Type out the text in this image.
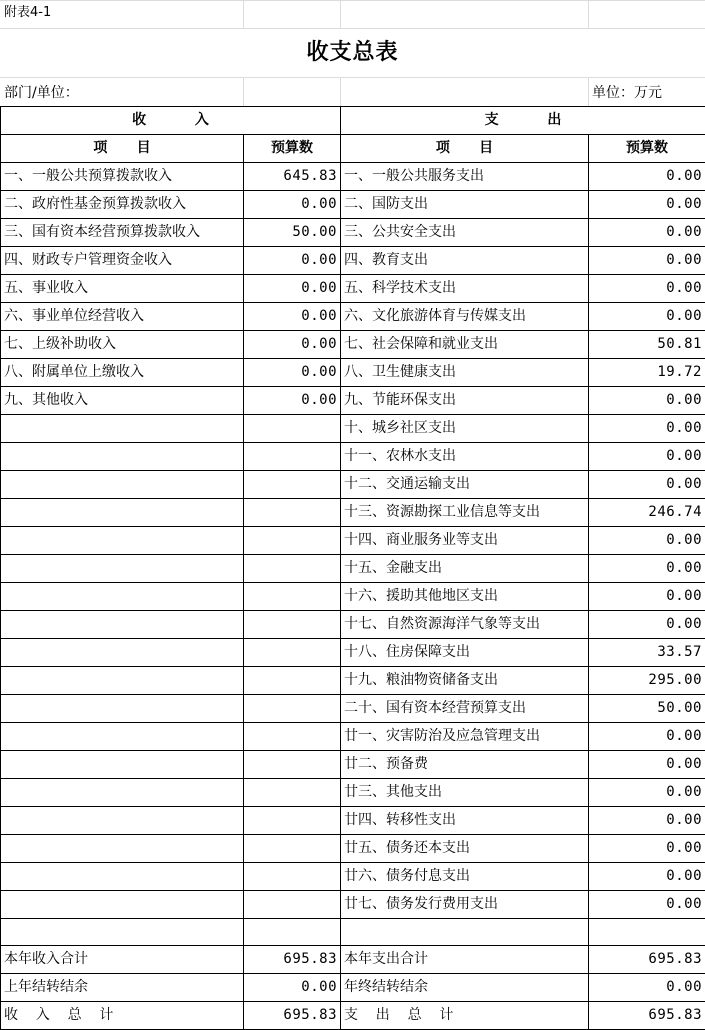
附表4-1
收支总表
部门/单位：	单位：万元
收          入		支          出	
项      目	预算数	项      目	预算数
一、一般公共预算拨款收入	645.83	一、一般公共服务支出	0.00
二、政府性基金预算拨款收入	0.00	二、国防支出	0.00
三、国有资本经营预算拨款收入	50.00	三、公共安全支出	0.00
四、财政专户管理资金收入	0.00	四、教育支出	0.00
五、事业收入	0.00	五、科学技术支出	0.00
六、事业单位经营收入	0.00	六、文化旅游体育与传媒支出	0.00
七、上级补助收入	0.00	七、社会保障和就业支出	50.81
八、附属单位上缴收入	0.00	八、卫生健康支出	19.72
九、其他收入	0.00	九、节能环保支出	0.00
		十、城乡社区支出	0.00
		十一、农林水支出	0.00
		十二、交通运输支出	0.00
		十三、资源勘探工业信息等支出	246.74
		十四、商业服务业等支出	0.00
		十五、金融支出	0.00
		十六、援助其他地区支出	0.00
		十七、自然资源海洋气象等支出	0.00
		十八、住房保障支出	33.57
		十九、粮油物资储备支出	295.00
		二十、国有资本经营预算支出	50.00
		廿一、灾害防治及应急管理支出	0.00
		廿二、预备费	0.00
		廿三、其他支出	0.00
		廿四、转移性支出	0.00
		廿五、债务还本支出	0.00
		廿六、债务付息支出	0.00
		廿七、债务发行费用支出	0.00

本年收入合计	695.83	本年支出合计	695.83
上年结转结余	0.00	年终结转结余	0.00
收    入    总    计	695.83	支    出    总    计	695.83
